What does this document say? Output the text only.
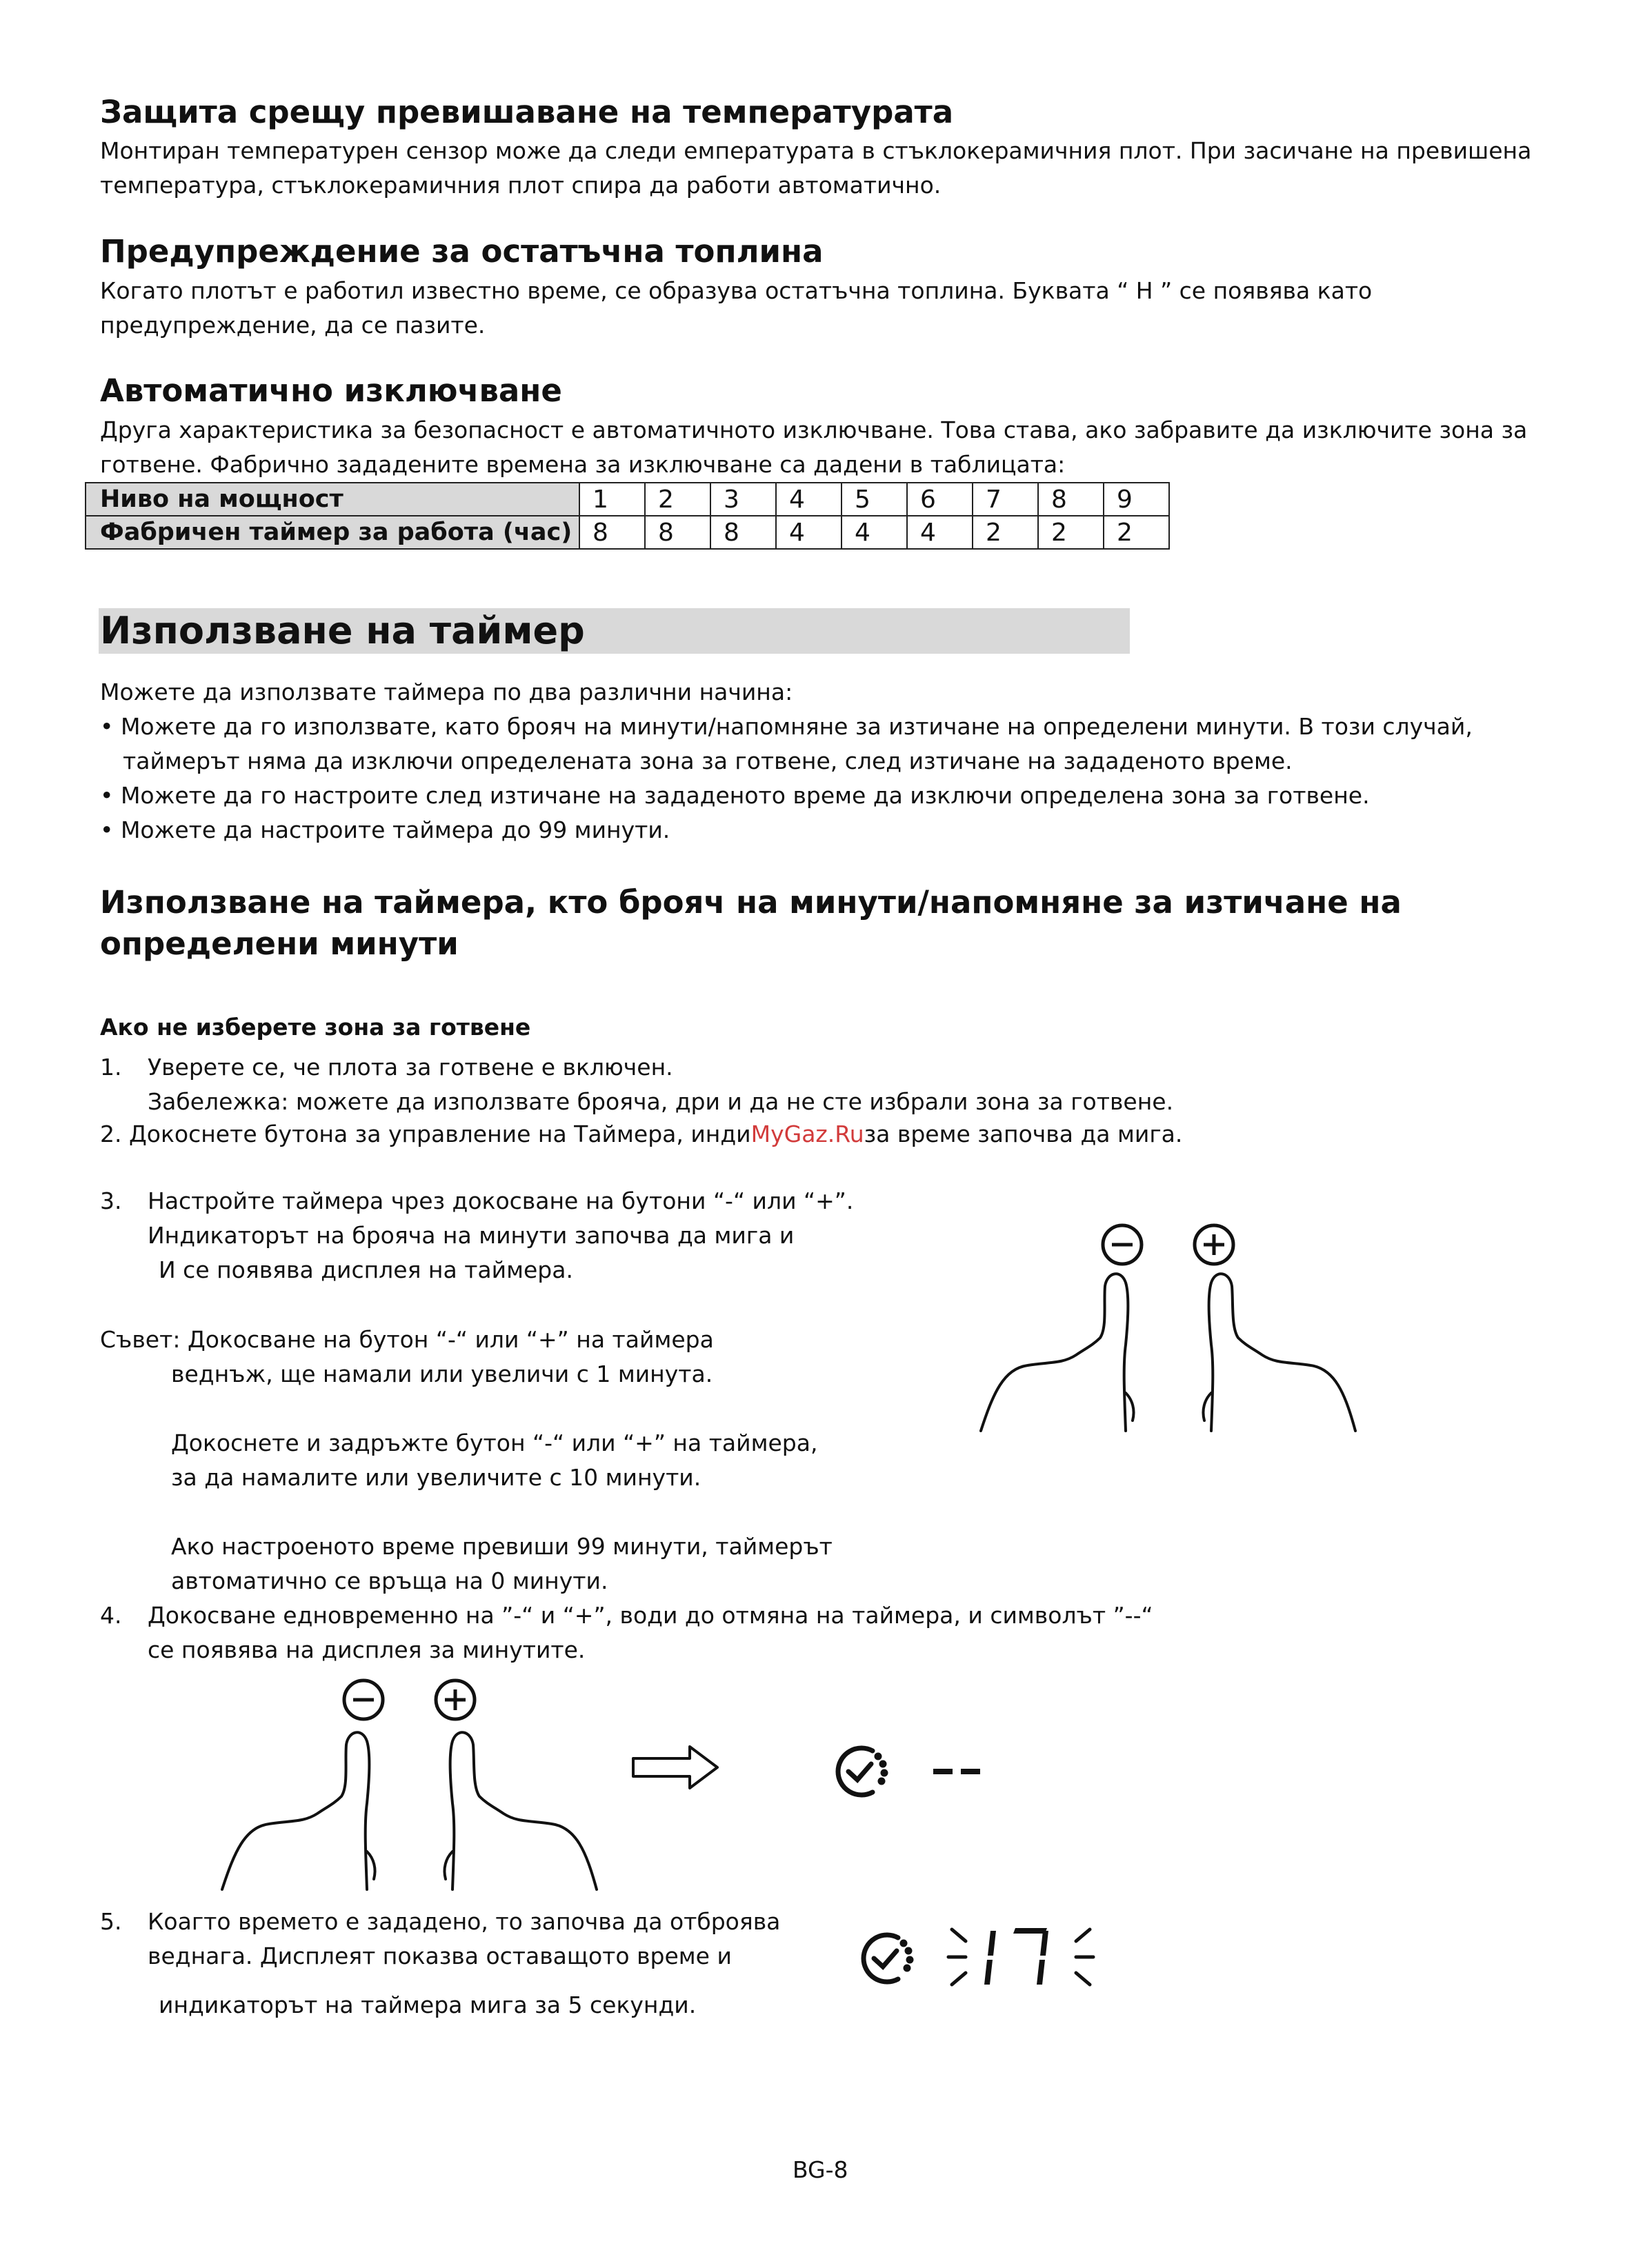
Защита срещу превишаване на температурата

Монтиран температурен сензор може да следи емпературата в стъклокерамичния плот. При засичане на превишена

температура, стъклокерамичния плот спира да работи автоматично.

Предупреждение за остатъчна топлина

Когато плотът е работил известно време, се образува остатъчна топлина. Буквата “ H ” се появява като

предупреждение, да се пазите.

Автоматично изключване

Друга характеристика за безопасност е автоматичното изключване. Това става, ако забравите да изключите зона за

готвене. Фабрично зададените времена за изключване са дадени в таблицата:

Ниво на мощност	1	2	3	4	5	6	7	8	9
Фабричен таймер за работа (час)	8	8	8	4	4	4	2	2	2
Използване на таймер

Можете да използвате таймера по два различни начина:

• Можете да го използвате, като брояч на минути/напомняне за изтичане на определени минути. В този случай,

таймерът няма да изключи определената зона за готвене, след изтичане на зададеното време.

• Можете да го настроите след изтичане на зададеното време да изключи определена зона за готвене.

• Можете да настроите таймера до 99 минути.

Използване на таймера, кто брояч на минути/напомняне за изтичане на
определени минути

Ако не изберете зона за готвене

1. Уверете се, че плота за готвене е включен.

Забележка: можете да използвате брояча, дри и да не сте избрали зона за готвене.

2. Докоснете бутона за управление на Таймера, индиMyGaz.Ruза време започва да мига.

3. Настройте таймера чрез докосване на бутони “-“ или “+”.

Индикаторът на брояча на минути започва да мига и

И се появява дисплея на таймера.

Съвет: Докосване на бутон “-“ или “+” на таймера

веднъж, ще намали или увеличи с 1 минута.

Докоснете и задръжте бутон “-“ или “+” на таймера,

за да намалите или увеличите с 10 минути.

Ако настроеното време превиши 99 минути, таймерът

автоматично се връща на 0 минути.

4. Докосване едновременно на ”-“ и “+”, води до отмяна на таймера, и символът ”--“

се появява на дисплея за минутите.

5. Коагто времето е зададено, то започва да отброява

веднага. Дисплеят показва оставащото време и

индикаторът на таймера мига за 5 секунди.

BG-8
